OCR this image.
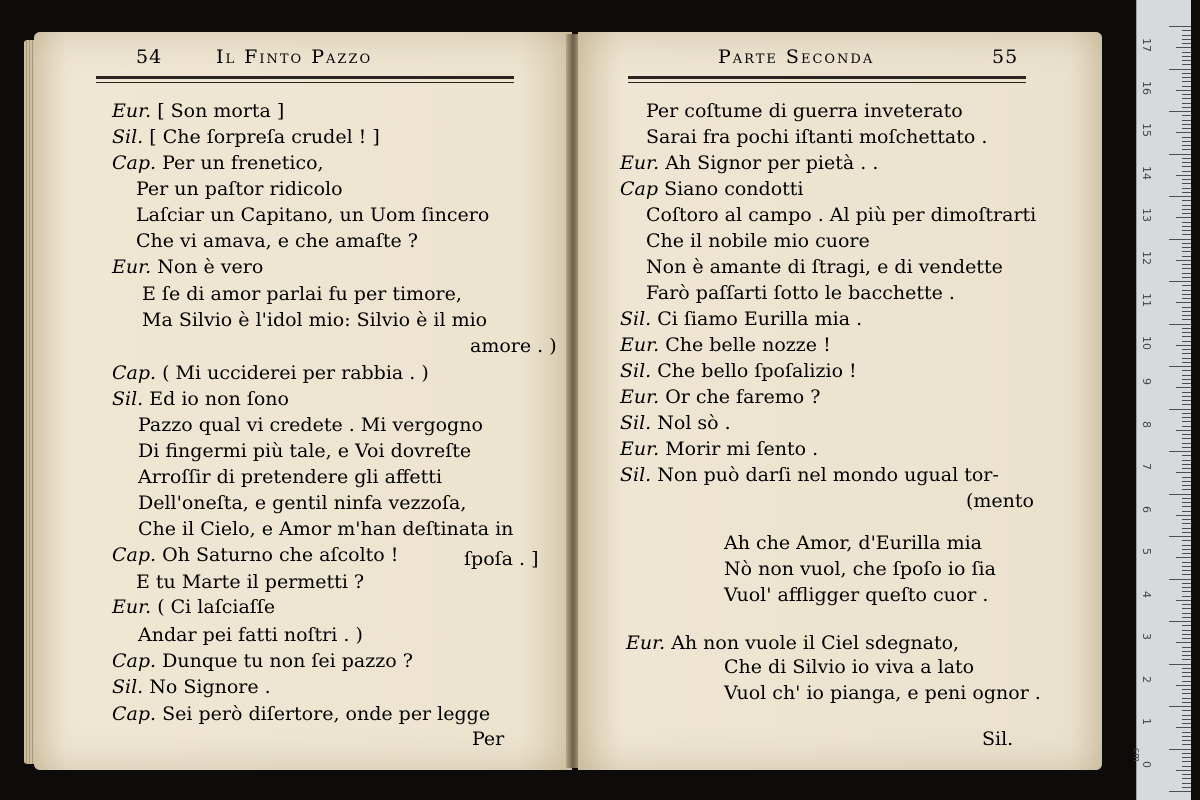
54	Il Finto Pazzo
Eur. [ Son morta ]
Sil. [ Che ſorpreſa crudel ! ]
Cap. Per un frenetico,
Per un paſtor ridicolo
Laſciar un Capitano, un Uom ſincero
Che vi amava, e che amaſte ?
Eur. Non è vero
E ſe di amor parlai fu per timore,
Ma Silvio è l'idol mio: Silvio è il mio
amore . )
Cap. ( Mi ucciderei per rabbia . )
Sil. Ed io non ſono
Pazzo qual vi credete . Mi vergogno
Di fingermi più tale, e Voi dovreſte
Arroſſir di pretendere gli affetti
Dell'oneſta, e gentil ninfa vezzoſa,
Che il Cielo, e Amor m'han deſtinata in
Cap. Oh Saturno che aſcolto !	ſpoſa . ]
E tu Marte il permetti ?
Eur. ( Ci laſciaſſe
Andar pei fatti noſtri . )
Cap. Dunque tu non ſei pazzo ?
Sil. No Signore .
Cap. Sei però diſertore, onde per legge
Per
Parte Seconda	55
Per coſtume di guerra inveterato
Sarai fra pochi iſtanti moſchettato .
Eur. Ah Signor per pietà . .
Cap Siano condotti
Coſtoro al campo . Al più per dimoſtrarti
Che il nobile mio cuore
Non è amante di ſtragi, e di vendette
Farò paſſarti ſotto le bacchette .
Sil. Ci ſiamo Eurilla mia .
Eur. Che belle nozze !
Sil. Che bello ſpoſalizio !
Eur. Or che faremo ?
Sil. Nol sò .
Eur. Morir mi ſento .
Sil. Non può darſi nel mondo ugual tor-
(mento
Ah che Amor, d'Eurilla mia
Nò non vuol, che ſpoſo io ſia
Vuol' affligger queſto cuor .
Eur. Ah non vuole il Ciel sdegnato,
Che di Silvio io viva a lato
Vuol ch' io pianga, e peni ognor .
Sil.
cm
17
16
15
14
13
12
11
10
9
8
7
6
5
4
3
2
1
0
